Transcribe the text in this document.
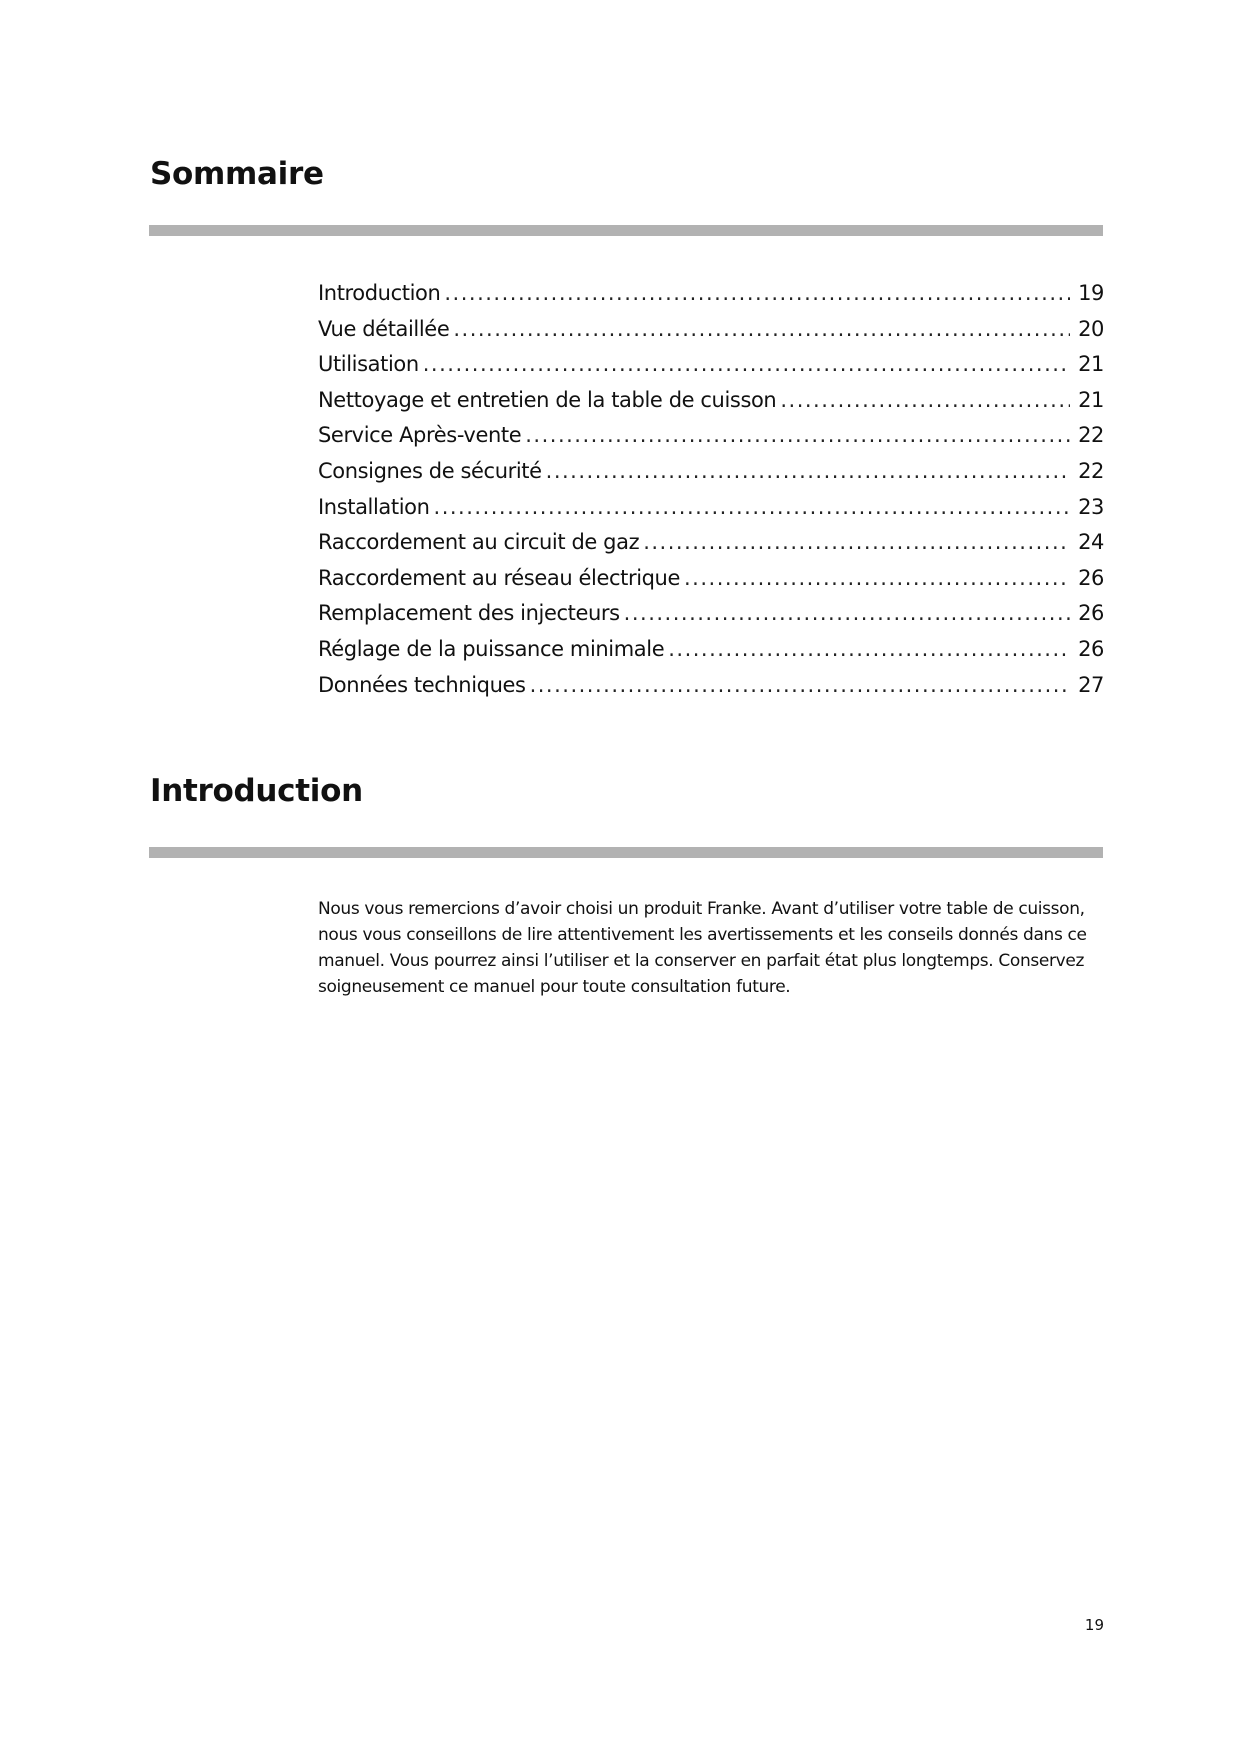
Sommaire
Introduction .....	19
Vue détaillée .....	20
Utilisation .....	21
Nettoyage et entretien de la table de cuisson .....	21
Service Après-vente .....	22
Consignes de sécurité .....	22
Installation .....	23
Raccordement au circuit de gaz .....	24
Raccordement au réseau électrique .....	26
Remplacement des injecteurs .....	26
Réglage de la puissance minimale .....	26
Données techniques .....	27
Introduction

Nous vous remercions d’avoir choisi un produit Franke. Avant d’utiliser votre table de cuisson, nous vous conseillons de lire attentivement les avertissements et les conseils donnés dans ce manuel. Vous pourrez ainsi l’utiliser et la conserver en parfait état plus longtemps. Conservez soigneusement ce manuel pour toute consultation future.

19
